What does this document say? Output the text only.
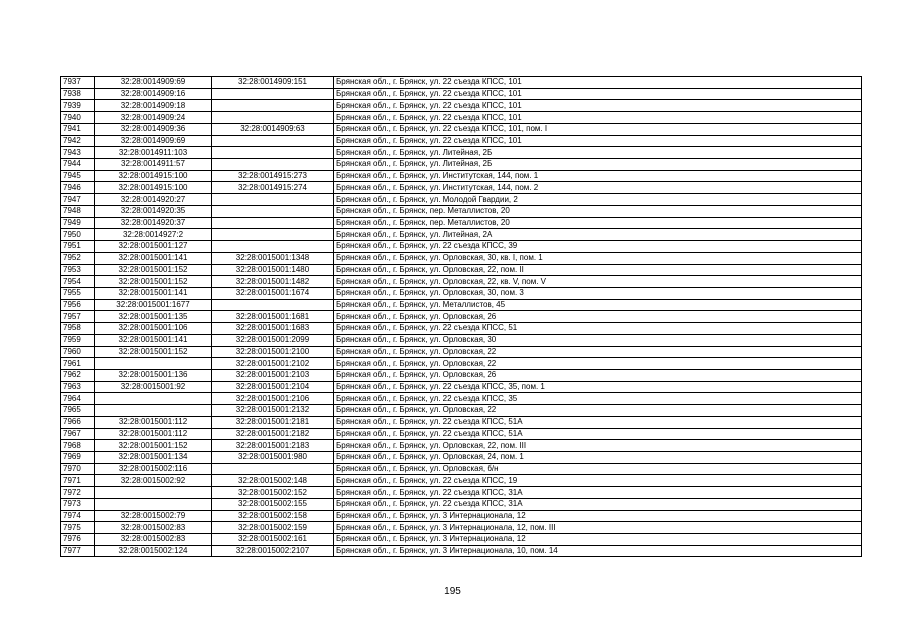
7937	32:28:0014909:69	32:28:0014909:151	Брянская обл., г. Брянск, ул. 22 съезда КПСС, 101
7938	32:28:0014909:16		Брянская обл., г. Брянск, ул. 22 съезда КПСС, 101
7939	32:28:0014909:18		Брянская обл., г. Брянск, ул. 22 съезда КПСС, 101
7940	32:28:0014909:24		Брянская обл., г. Брянск, ул. 22 съезда КПСС, 101
7941	32:28:0014909:36	32:28:0014909:63	Брянская обл., г. Брянск, ул. 22 съезда КПСС, 101, пом. I
7942	32:28:0014909:69		Брянская обл., г. Брянск, ул. 22 съезда КПСС, 101
7943	32:28:0014911:103		Брянская обл., г. Брянск, ул. Литейная, 2Б
7944	32:28:0014911:57		Брянская обл., г. Брянск, ул. Литейная, 2Б
7945	32:28:0014915:100	32:28:0014915:273	Брянская обл., г. Брянск, ул. Институтская, 144, пом. 1
7946	32:28:0014915:100	32:28:0014915:274	Брянская обл., г. Брянск, ул. Институтская, 144, пом. 2
7947	32:28:0014920:27		Брянская обл., г. Брянск, ул. Молодой Гвардии, 2
7948	32:28:0014920:35		Брянская обл., г. Брянск, пер. Металлистов, 20
7949	32:28:0014920:37		Брянская обл., г. Брянск, пер. Металлистов, 20
7950	32:28:0014927:2		Брянская обл., г. Брянск, ул. Литейная, 2А
7951	32:28:0015001:127		Брянская обл., г. Брянск, ул. 22 съезда КПСС, 39
7952	32:28:0015001:141	32:28:0015001:1348	Брянская обл., г. Брянск, ул. Орловская, 30, кв. I, пом. 1
7953	32:28:0015001:152	32:28:0015001:1480	Брянская обл., г. Брянск, ул. Орловская, 22, пом. II
7954	32:28:0015001:152	32:28:0015001:1482	Брянская обл., г. Брянск, ул. Орловская, 22, кв. V, пом. V
7955	32:28:0015001:141	32:28:0015001:1674	Брянская обл., г. Брянск, ул. Орловская, 30, пом. 3
7956	32:28:0015001:1677		Брянская обл., г. Брянск, ул. Металлистов, 45
7957	32:28:0015001:135	32:28:0015001:1681	Брянская обл., г. Брянск, ул. Орловская, 26
7958	32:28:0015001:106	32:28:0015001:1683	Брянская обл., г. Брянск, ул. 22 съезда КПСС, 51
7959	32:28:0015001:141	32:28:0015001:2099	Брянская обл., г. Брянск, ул. Орловская, 30
7960	32:28:0015001:152	32:28:0015001:2100	Брянская обл., г. Брянск, ул. Орловская, 22
7961		32:28:0015001:2102	Брянская обл., г. Брянск, ул. Орловская, 22
7962	32:28:0015001:136	32:28:0015001:2103	Брянская обл., г. Брянск, ул. Орловская, 26
7963	32:28:0015001:92	32:28:0015001:2104	Брянская обл., г. Брянск, ул. 22 съезда КПСС, 35, пом. 1
7964		32:28:0015001:2106	Брянская обл., г. Брянск, ул. 22 съезда КПСС, 35
7965		32:28:0015001:2132	Брянская обл., г. Брянск, ул. Орловская, 22
7966	32:28:0015001:112	32:28:0015001:2181	Брянская обл., г. Брянск, ул. 22 съезда КПСС, 51А
7967	32:28:0015001:112	32:28:0015001:2182	Брянская обл., г. Брянск, ул. 22 съезда КПСС, 51А
7968	32:28:0015001:152	32:28:0015001:2183	Брянская обл., г. Брянск, ул. Орловская, 22, пом. III
7969	32:28:0015001:134	32:28:0015001:980	Брянская обл., г. Брянск, ул. Орловская, 24, пом. 1
7970	32:28:0015002:116		Брянская обл., г. Брянск, ул. Орловская, б/н
7971	32:28:0015002:92	32:28:0015002:148	Брянская обл., г. Брянск, ул. 22 съезда КПСС, 19
7972		32:28:0015002:152	Брянская обл., г. Брянск, ул. 22 съезда КПСС, 31А
7973		32:28:0015002:155	Брянская обл., г. Брянск, ул. 22 съезда КПСС, 31А
7974	32:28:0015002:79	32:28:0015002:158	Брянская обл., г. Брянск, ул. 3 Интернационала, 12
7975	32:28:0015002:83	32:28:0015002:159	Брянская обл., г. Брянск, ул. 3 Интернационала, 12, пом. III
7976	32:28:0015002:83	32:28:0015002:161	Брянская обл., г. Брянск, ул. 3 Интернационала, 12
7977	32:28:0015002:124	32:28:0015002:2107	Брянская обл., г. Брянск, ул. 3 Интернационала, 10, пом. 14
195
